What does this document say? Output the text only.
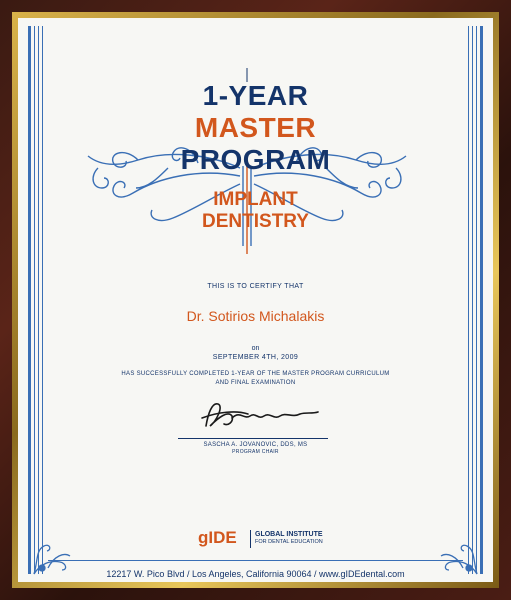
1-YEAR
MASTER
PROGRAM
IMPLANT
DENTISTRY
THIS IS TO CERTIFY THAT
Dr. Sotirios Michalakis
on
SEPTEMBER 4TH, 2009
HAS SUCCESSFULLY COMPLETED 1-YEAR OF THE MASTER PROGRAM CURRICULUM
AND FINAL EXAMINATION
SASCHA A. JOVANOVIC, DDS, MS
PROGRAM CHAIR
gIDE	GLOBAL INSTITUTE
FOR DENTAL EDUCATION
12217 W. Pico Blvd / Los Angeles, California 90064 / www.gIDEdental.com
